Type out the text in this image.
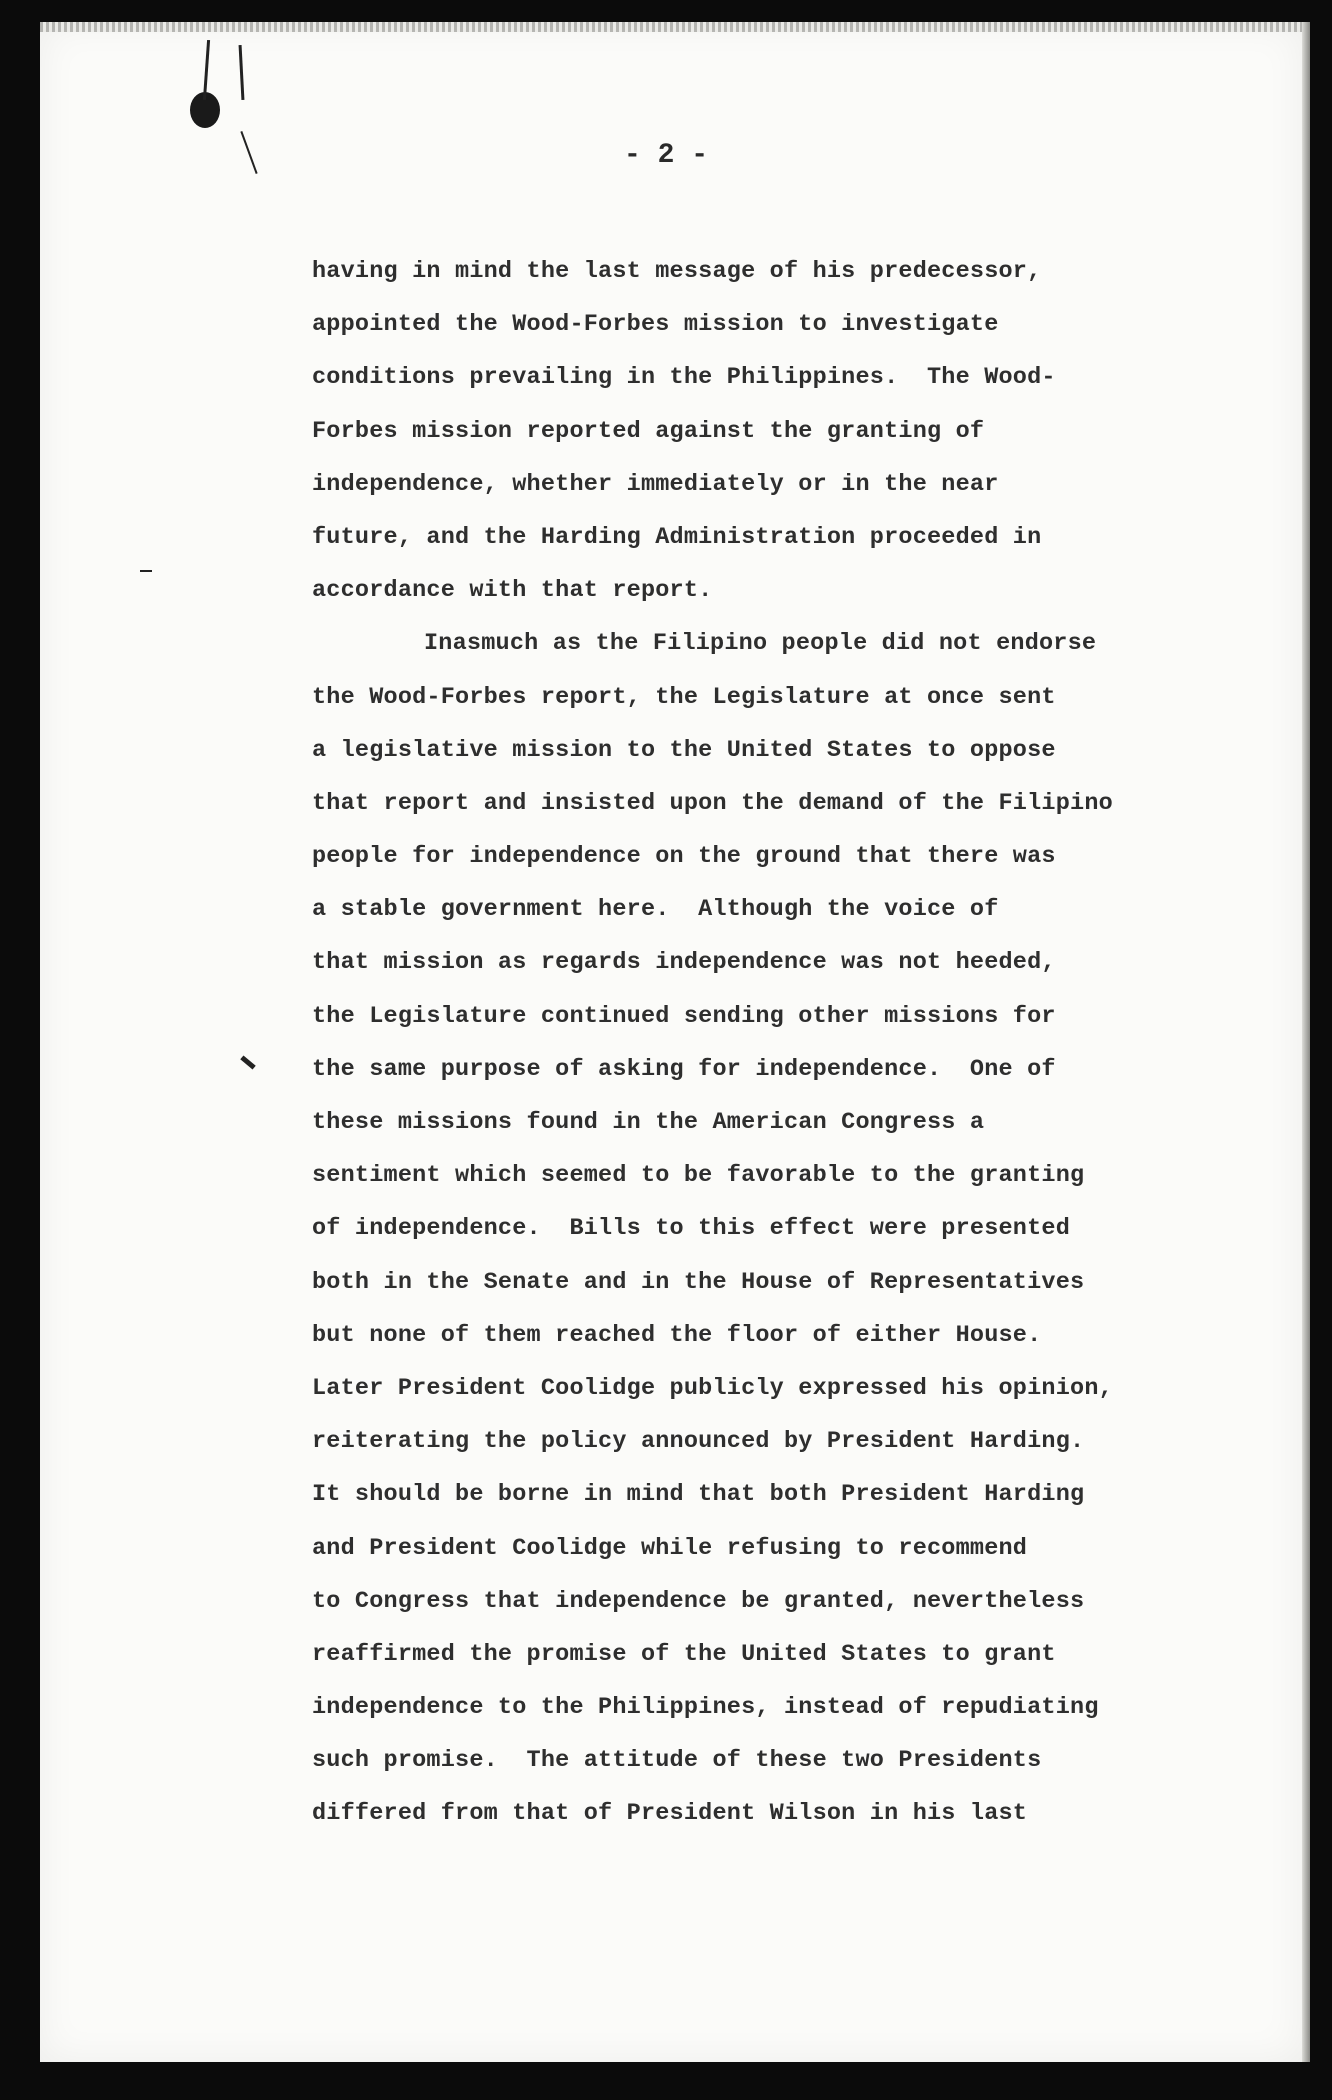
- 2 -
having in mind the last message of his predecessor,
appointed the Wood-Forbes mission to investigate
conditions prevailing in the Philippines.  The Wood-
Forbes mission reported against the granting of
independence, whether immediately or in the near
future, and the Harding Administration proceeded in
accordance with that report.
Inasmuch as the Filipino people did not endorse
the Wood-Forbes report, the Legislature at once sent
a legislative mission to the United States to oppose
that report and insisted upon the demand of the Filipino
people for independence on the ground that there was
a stable government here.  Although the voice of
that mission as regards independence was not heeded,
the Legislature continued sending other missions for
the same purpose of asking for independence.  One of
these missions found in the American Congress a
sentiment which seemed to be favorable to the granting
of independence.  Bills to this effect were presented
both in the Senate and in the House of Representatives
but none of them reached the floor of either House.
Later President Coolidge publicly expressed his opinion,
reiterating the policy announced by President Harding.
It should be borne in mind that both President Harding
and President Coolidge while refusing to recommend
to Congress that independence be granted, nevertheless
reaffirmed the promise of the United States to grant
independence to the Philippines, instead of repudiating
such promise.  The attitude of these two Presidents
differed from that of President Wilson in his last
